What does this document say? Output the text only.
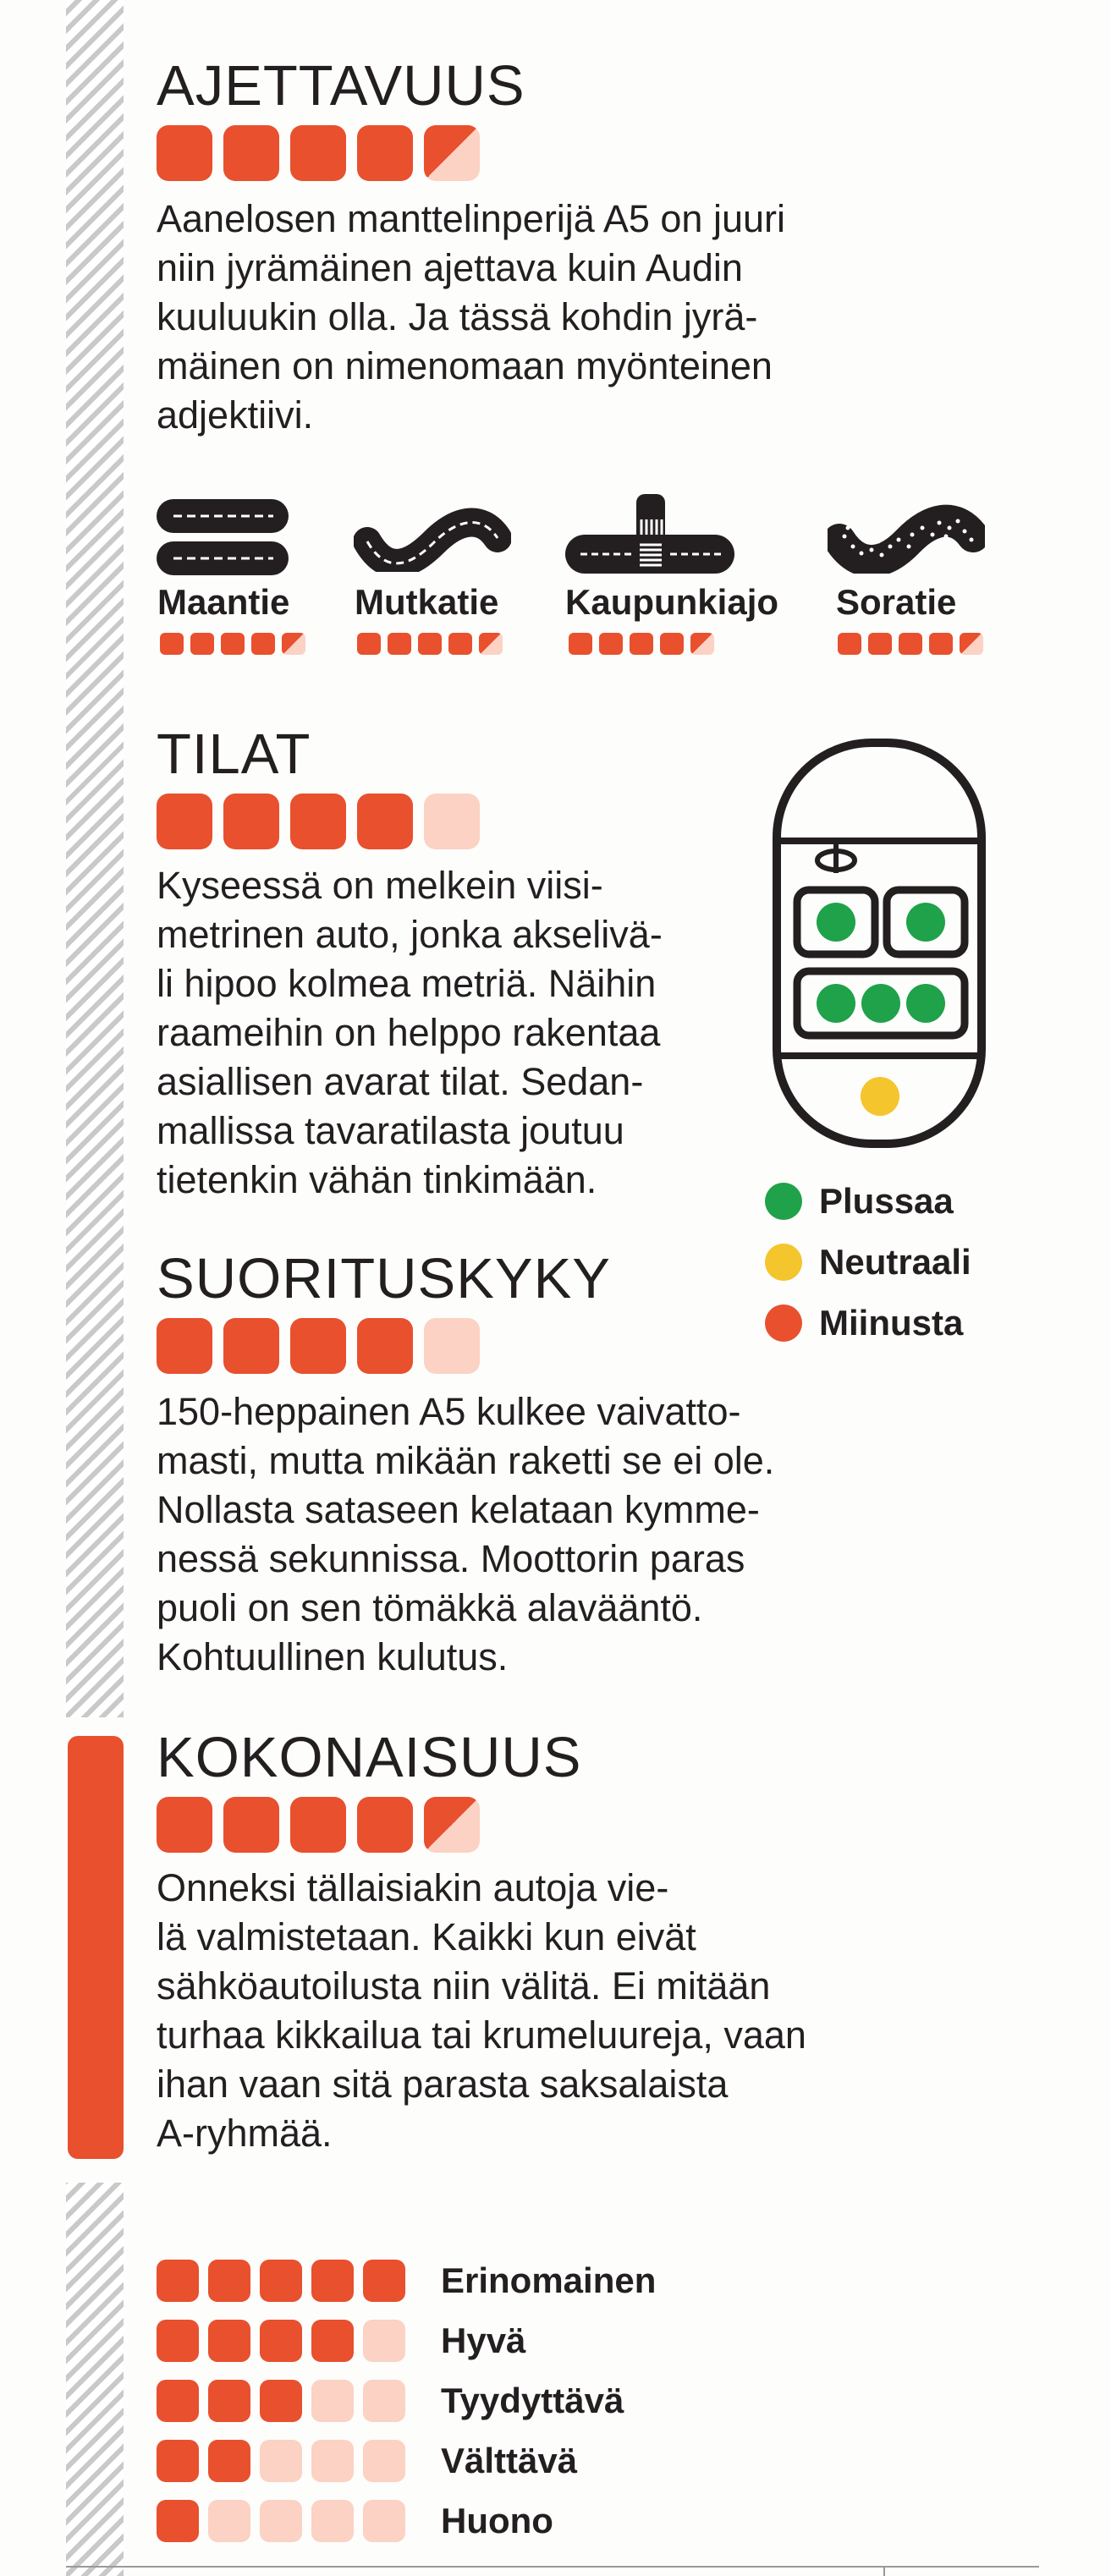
AJETTAVUUS
Aanelosen manttelinperijä A5 on juuri
niin jyrämäinen ajettava kuin Audin
kuuluukin olla. Ja tässä kohdin jyrä-
mäinen on nimenomaan myönteinen
adjektiivi.
Maantie Mutkatie Kaupunkiajo Soratie
TILAT
Kyseessä on melkein viisi-
metrinen auto, jonka akselivä-
li hipoo kolmea metriä. Näihin
raameihin on helppo rakentaa
asiallisen avarat tilat. Sedan-
mallissa tavaratilasta joutuu
tietenkin vähän tinkimään.	Plussaa
Neutraali
Miinusta
SUORITUSKYKY
150-heppainen A5 kulkee vaivatto-
masti, mutta mikään raketti se ei ole.
Nollasta sataseen kelataan kymme-
nessä sekunnissa. Moottorin paras
puoli on sen tömäkkä alavääntö.
Kohtuullinen kulutus.
KOKONAISUUS
Onneksi tällaisiakin autoja vie-
lä valmistetaan. Kaikki kun eivät
sähköautoilusta niin välitä. Ei mitään
turhaa kikkailua tai krumeluureja, vaan
ihan vaan sitä parasta saksalaista
A-ryhmää.
Erinomainen
Hyvä
Tyydyttävä
Välttävä
Huono
